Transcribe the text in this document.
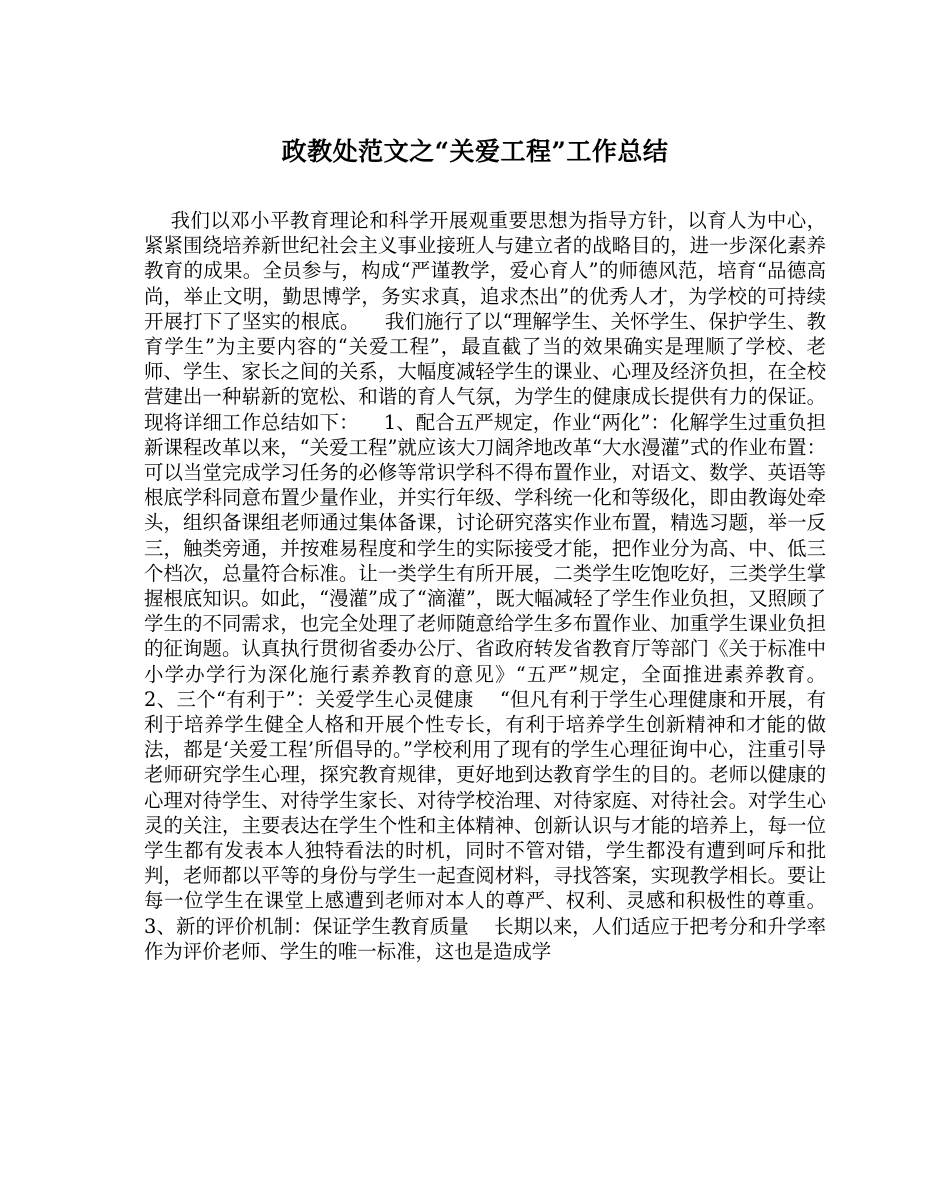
政教处范文之“关爱工程”工作总结

我们以邓小平教育理论和科学开展观重要思想为指导方针，以育人为中心，紧紧围绕培养新世纪社会主义事业接班人与建立者的战略目的，进一步深化素养教育的成果。全员参与，构成“严谨教学，爱心育人”的师德风范，培育“品德高尚，举止文明，勤思博学，务实求真，追求杰出”的优秀人才，为学校的可持续开展打下了坚实的根底。    我们施行了以“理解学生、关怀学生、保护学生、教育学生”为主要内容的“关爱工程”，最直截了当的效果确实是理顺了学校、老师、学生、家长之间的关系，大幅度减轻学生的课业、心理及经济负担，在全校营建出一种崭新的宽松、和谐的育人气氛，为学生的健康成长提供有力的保证。现将详细工作总结如下：    1、配合五严规定，作业“两化”：化解学生过重负担    新课程改革以来，“关爱工程”就应该大刀阔斧地改革“大水漫灌”式的作业布置：可以当堂完成学习任务的必修等常识学科不得布置作业，对语文、数学、英语等根底学科同意布置少量作业，并实行年级、学科统一化和等级化，即由教诲处牵头，组织备课组老师通过集体备课，讨论研究落实作业布置，精选习题，举一反三，触类旁通，并按难易程度和学生的实际接受才能，把作业分为高、中、低三个档次，总量符合标准。让一类学生有所开展，二类学生吃饱吃好，三类学生掌握根底知识。如此，“漫灌”成了“滴灌”，既大幅减轻了学生作业负担，又照顾了学生的不同需求，也完全处理了老师随意给学生多布置作业、加重学生课业负担的征询题。认真执行贯彻省委办公厅、省政府转发省教育厅等部门《关于标准中小学办学行为深化施行素养教育的意见》“五严”规定，全面推进素养教育。    2、三个“有利于”：关爱学生心灵健康    “但凡有利于学生心理健康和开展，有利于培养学生健全人格和开展个性专长，有利于培养学生创新精神和才能的做法，都是‘关爱工程’所倡导的。”学校利用了现有的学生心理征询中心，注重引导老师研究学生心理，探究教育规律，更好地到达教育学生的目的。老师以健康的心理对待学生、对待学生家长、对待学校治理、对待家庭、对待社会。对学生心灵的关注，主要表达在学生个性和主体精神、创新认识与才能的培养上，每一位学生都有发表本人独特看法的时机，同时不管对错，学生都没有遭到呵斥和批判，老师都以平等的身份与学生一起查阅材料，寻找答案，实现教学相长。要让每一位学生在课堂上感遭到老师对本人的尊严、权利、灵感和积极性的尊重。    3、新的评价机制：保证学生教育质量    长期以来，人们适应于把考分和升学率作为评价老师、学生的唯一标准，这也是造成学
